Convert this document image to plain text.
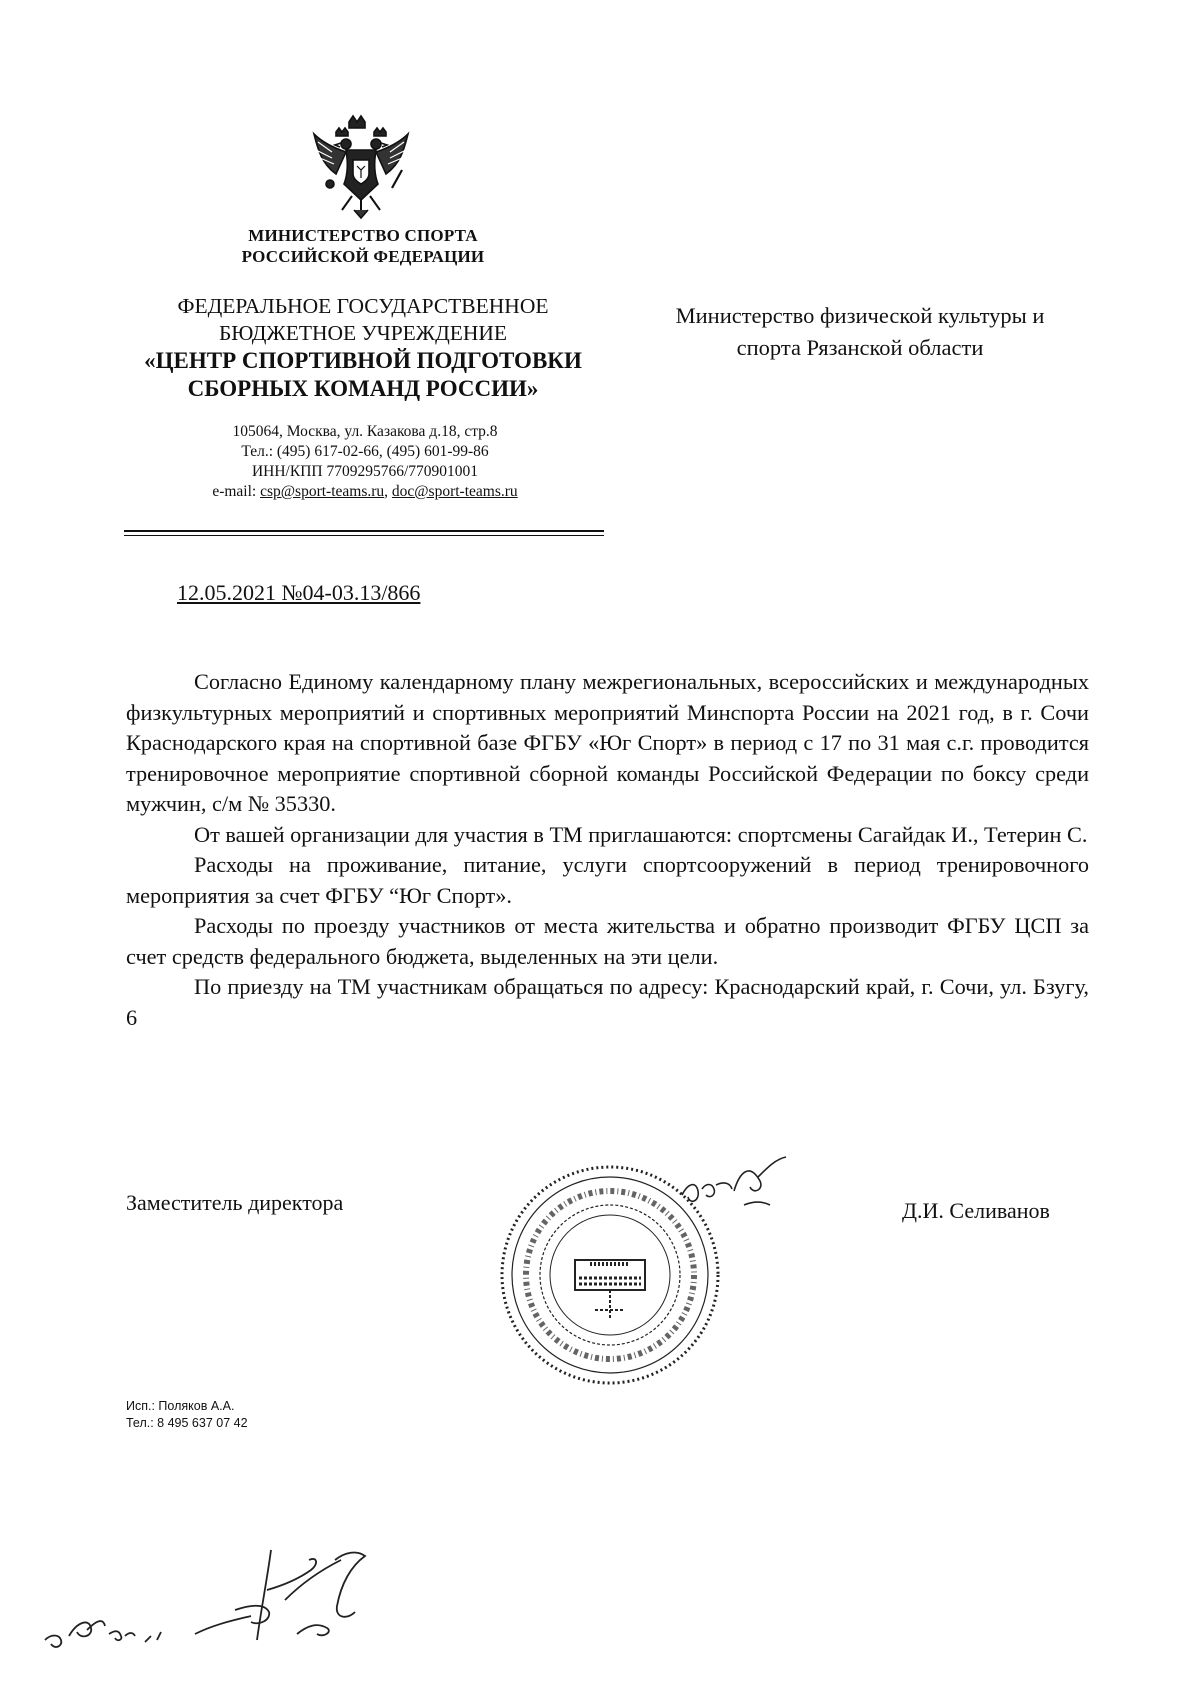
МИНИСТЕРСТВО СПОРТА
РОССИЙСКОЙ ФЕДЕРАЦИИ
ФЕДЕРАЛЬНОЕ ГОСУДАРСТВЕННОЕ
БЮДЖЕТНОЕ УЧРЕЖДЕНИЕ
«ЦЕНТР СПОРТИВНОЙ ПОДГОТОВКИ
СБОРНЫХ КОМАНД РОССИИ»
105064, Москва, ул. Казакова д.18, стр.8
Тел.: (495) 617-02-66, (495) 601-99-86
ИНН/КПП 7709295766/770901001
e-mail: csp@sport-teams.ru, doc@sport-teams.ru
Министерство физической культуры и
спорта Рязанской области
12.05.2021 №04-03.13/866

Согласно Единому календарному плану межрегиональных, всероссийских и международных физкультурных мероприятий и спортивных мероприятий Минспорта России на 2021 год, в г. Сочи Краснодарского края на спортивной базе ФГБУ «Юг Спорт» в период с 17 по 31 мая с.г. проводится тренировочное мероприятие спортивной сборной команды Российской Федерации по боксу среди мужчин, с/м № 35330.

От вашей организации для участия в ТМ приглашаются: спортсмены Сагайдак И., Тетерин С.

Расходы на проживание, питание, услуги спортсооружений в период тренировочного мероприятия за счет ФГБУ “Юг Спорт».

Расходы по проезду участников от места жительства и обратно производит ФГБУ ЦСП за счет средств федерального бюджета, выделенных на эти цели.

По приезду на ТМ участникам обращаться по адресу: Краснодарский край, г. Сочи, ул. Бзугу, 6

Заместитель директора	Д.И. Селиванов
Исп.: Поляков А.А.
Тел.: 8 495 637 07 42
